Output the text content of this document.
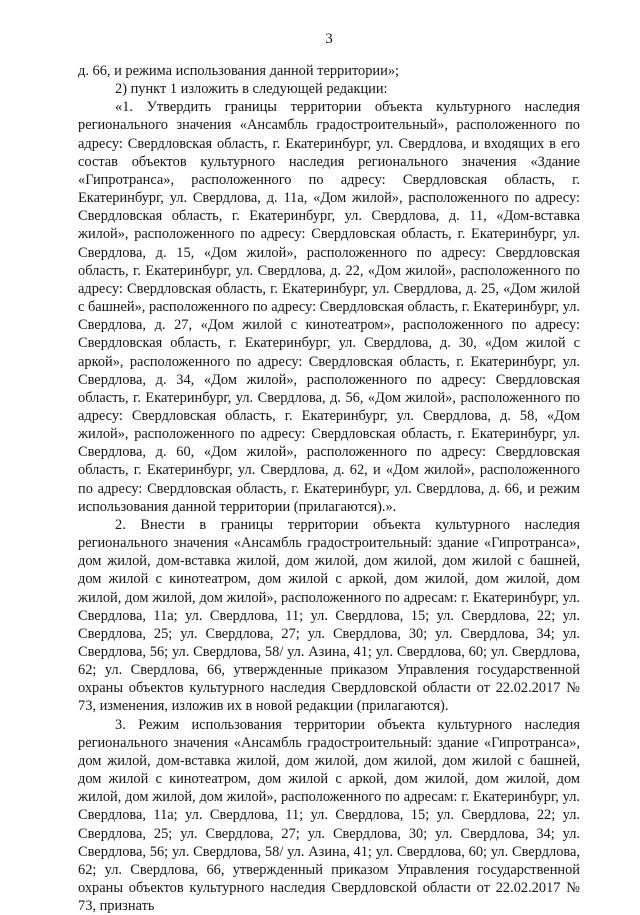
3

д. 66, и режима использования данной территории»;

2) пункт 1 изложить в следующей редакции:

«1. Утвердить границы территории объекта культурного наследия регионального значения «Ансамбль градостроительный», расположенного по адресу: Свердловская область, г. Екатеринбург, ул. Свердлова, и входящих в его состав объектов культурного наследия регионального значения «Здание «Гипротранса», расположенного по адресу: Свердловская область, г. Екатеринбург, ул. Свердлова, д. 11а, «Дом жилой», расположенного по адресу: Свердловская область, г. Екатеринбург, ул. Свердлова, д. 11, «Дом-вставка жилой», расположенного по адресу: Свердловская область, г. Екатеринбург, ул. Свердлова, д. 15, «Дом жилой», расположенного по адресу: Свердловская область, г. Екатеринбург, ул. Свердлова, д. 22, «Дом жилой», расположенного по адресу: Свердловская область, г. Екатеринбург, ул. Свердлова, д. 25, «Дом жилой с башней», расположенного по адресу: Свердловская область, г. Екатеринбург, ул. Свердлова, д. 27, «Дом жилой с кинотеатром», расположенного по адресу: Свердловская область, г. Екатеринбург, ул. Свердлова, д. 30, «Дом жилой с аркой», расположенного по адресу: Свердловская область, г. Екатеринбург, ул. Свердлова, д. 34, «Дом жилой», расположенного по адресу: Свердловская область, г. Екатеринбург, ул. Свердлова, д. 56, «Дом жилой», расположенного по адресу: Свердловская область, г. Екатеринбург, ул. Свердлова, д. 58, «Дом жилой», расположенного по адресу: Свердловская область, г. Екатеринбург, ул. Свердлова, д. 60, «Дом жилой», расположенного по адресу: Свердловская область, г. Екатеринбург, ул. Свердлова, д. 62, и «Дом жилой», расположенного по адресу: Свердловская область, г. Екатеринбург, ул. Свердлова, д. 66, и режим использования данной территории (прилагаются).».

2. Внести в границы территории объекта культурного наследия регионального значения «Ансамбль градостроительный: здание «Гипротранса», дом жилой, дом-вставка жилой, дом жилой, дом жилой, дом жилой с башней, дом жилой с кинотеатром, дом жилой с аркой, дом жилой, дом жилой, дом жилой, дом жилой, дом жилой», расположенного по адресам: г. Екатеринбург, ул. Свердлова, 11а; ул. Свердлова, 11; ул. Свердлова, 15; ул. Свердлова, 22; ул. Свердлова, 25; ул. Свердлова, 27; ул. Свердлова, 30; ул. Свердлова, 34; ул. Свердлова, 56; ул. Свердлова, 58/ ул. Азина, 41; ул. Свердлова, 60; ул. Свердлова, 62; ул. Свердлова, 66, утвержденные приказом Управления государственной охраны объектов культурного наследия Свердловской области от 22.02.2017 № 73, изменения, изложив их в новой редакции (прилагаются).

3. Режим использования территории объекта культурного наследия регионального значения «Ансамбль градостроительный: здание «Гипротранса», дом жилой, дом-вставка жилой, дом жилой, дом жилой, дом жилой с башней, дом жилой с кинотеатром, дом жилой с аркой, дом жилой, дом жилой, дом жилой, дом жилой, дом жилой», расположенного по адресам: г. Екатеринбург, ул. Свердлова, 11а; ул. Свердлова, 11; ул. Свердлова, 15; ул. Свердлова, 22; ул. Свердлова, 25; ул. Свердлова, 27; ул. Свердлова, 30; ул. Свердлова, 34; ул. Свердлова, 56; ул. Свердлова, 58/ ул. Азина, 41; ул. Свердлова, 60; ул. Свердлова, 62; ул. Свердлова, 66, утвержденный приказом Управления государственной охраны объектов культурного наследия Свердловской области от 22.02.2017 № 73, признать
